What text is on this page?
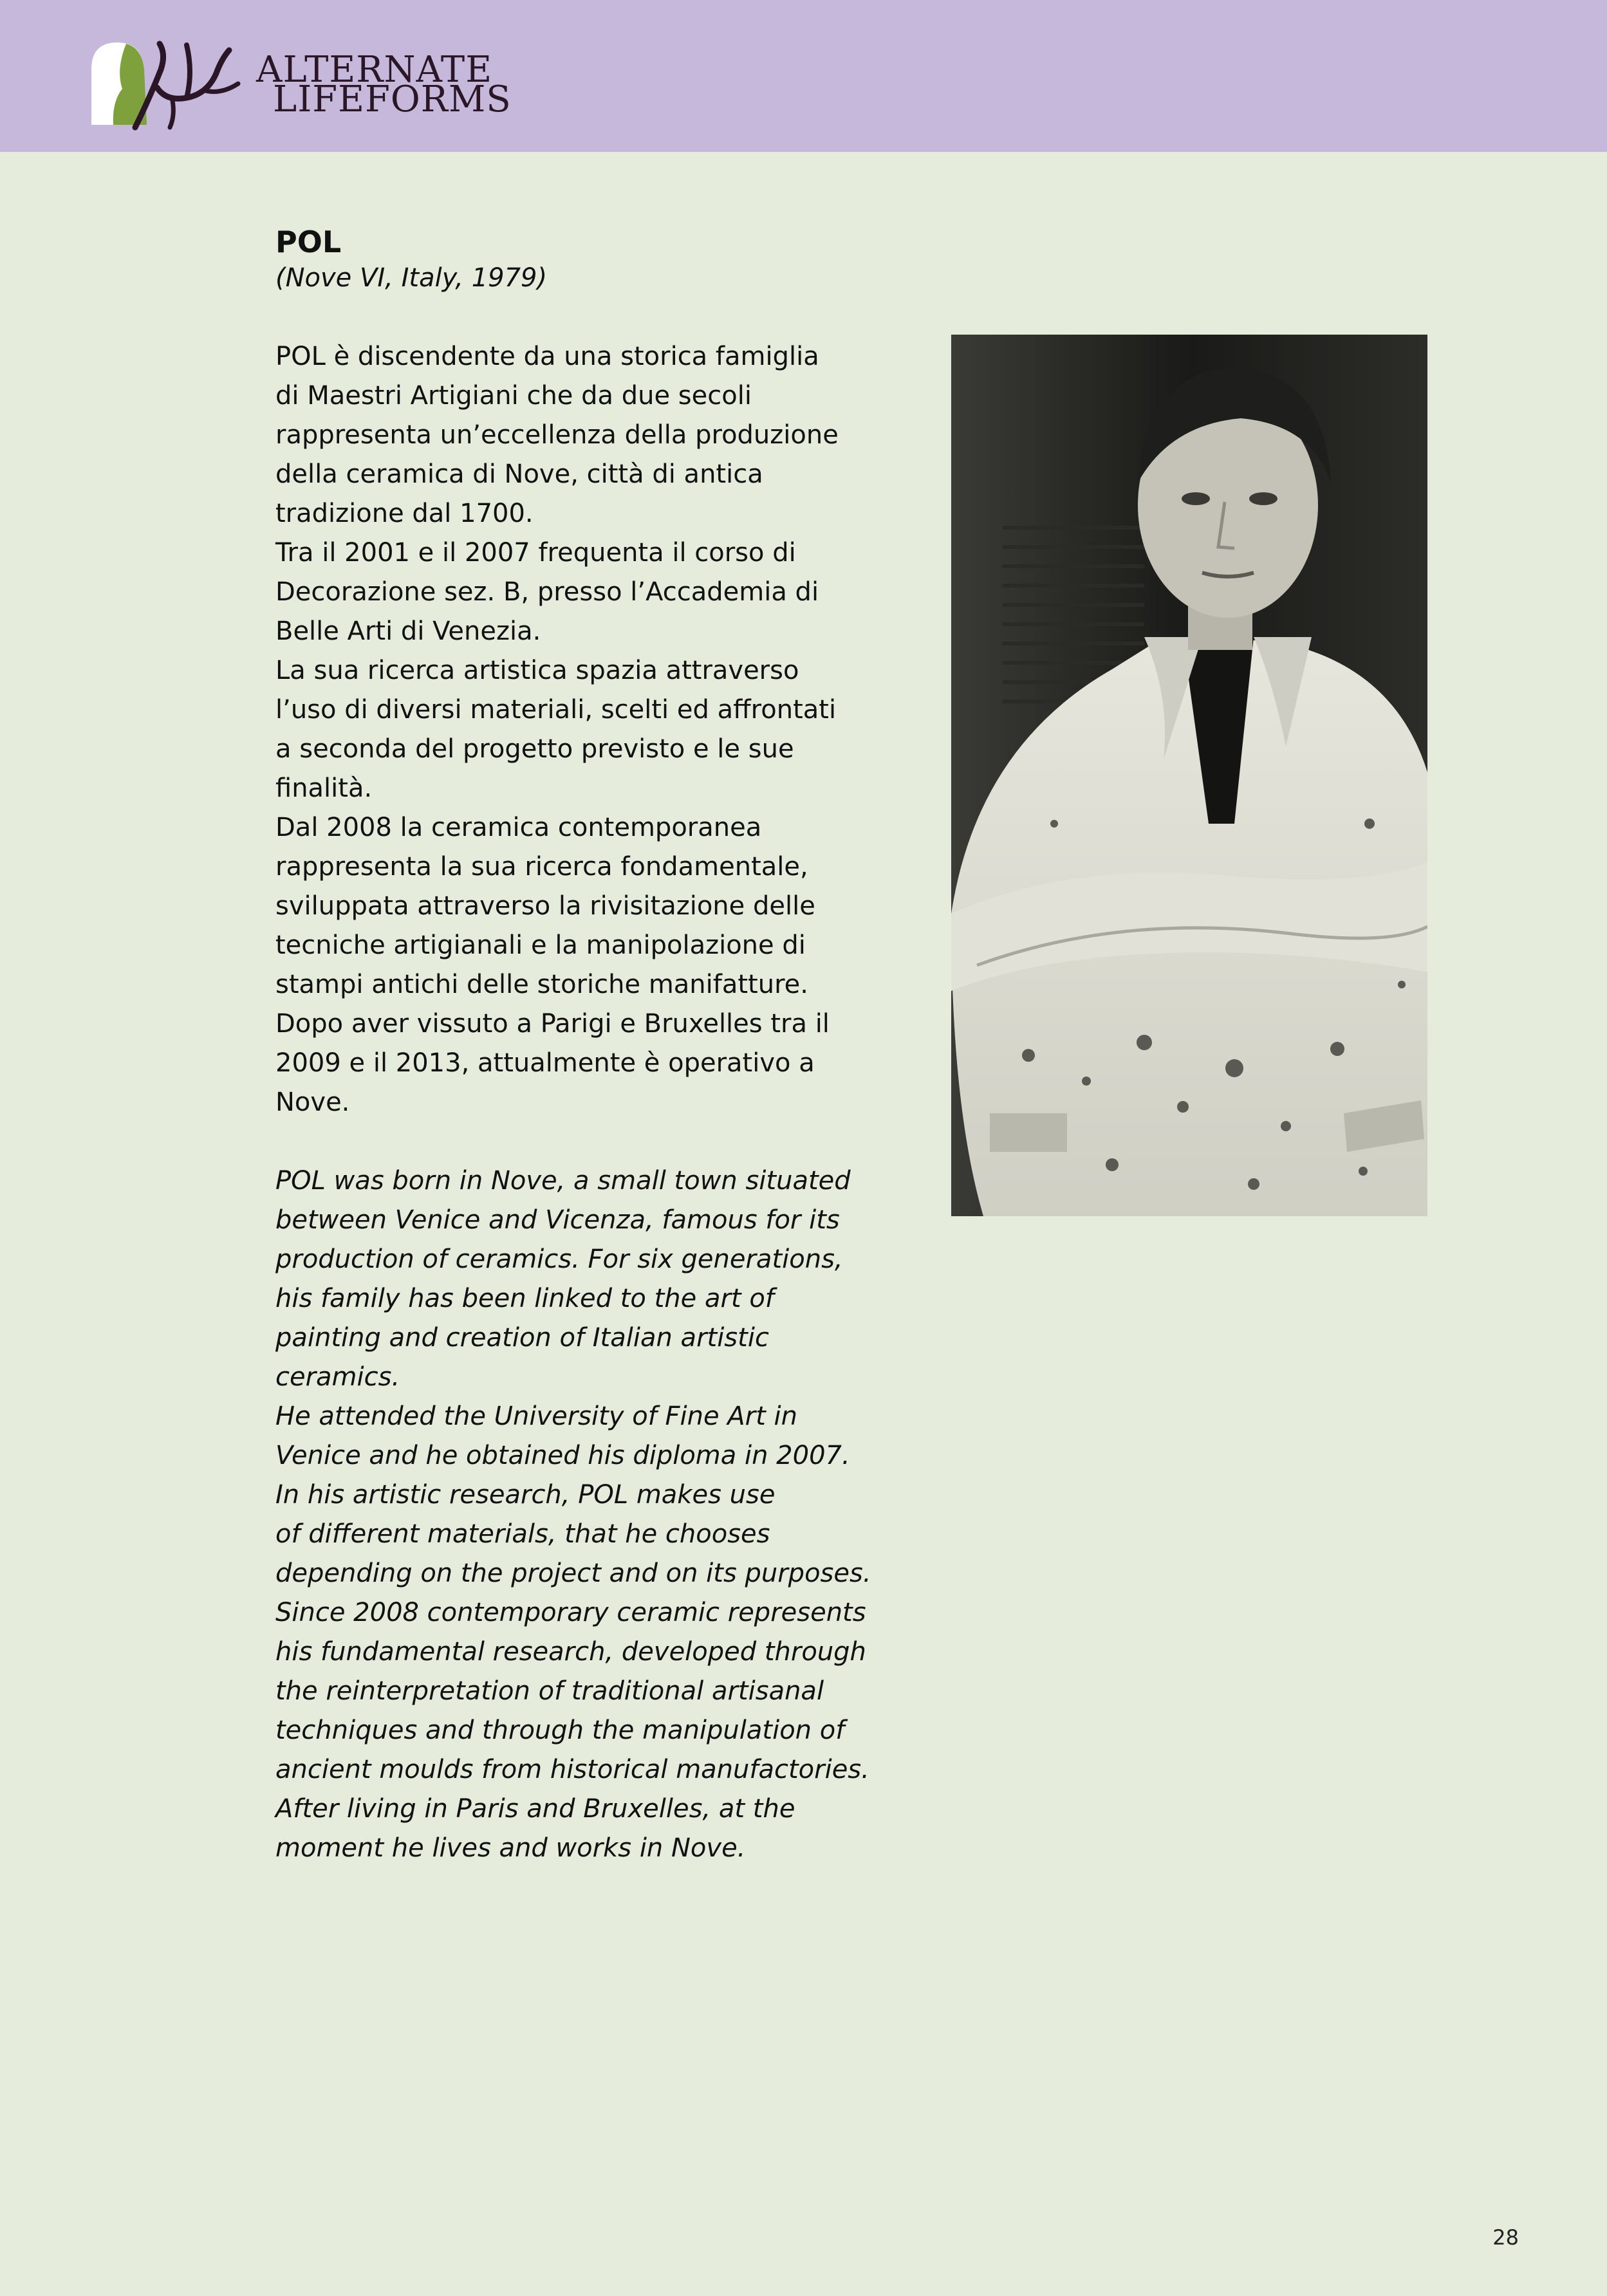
ALTERNATE
LIFEFORMS

POL

(Nove VI, Italy, 1979)

POL è discendente da una storica famiglia
di Maestri Artigiani che da due secoli
rappresenta un’eccellenza della produzione
della ceramica di Nove, città di antica
tradizione dal 1700.
Tra il 2001 e il 2007 frequenta il corso di
Decorazione sez. B, presso l’Accademia di
Belle Arti di Venezia.
La sua ricerca artistica spazia attraverso
l’uso di diversi materiali, scelti ed affrontati
a seconda del progetto previsto e le sue
finalità.
Dal 2008 la ceramica contemporanea
rappresenta la sua ricerca fondamentale,
sviluppata attraverso la rivisitazione delle
tecniche artigianali e la manipolazione di
stampi antichi delle storiche manifatture.
Dopo aver vissuto a Parigi e Bruxelles tra il
2009 e il 2013, attualmente è operativo a
Nove.

POL was born in Nove, a small town situated
between Venice and Vicenza, famous for its
production of ceramics. For six generations,
his family has been linked to the art of
painting and creation of Italian artistic
ceramics.
He attended the University of Fine Art in
Venice and he obtained his diploma in 2007.
In his artistic research, POL makes use
of different materials, that he chooses
depending on the project and on its purposes.
Since 2008 contemporary ceramic represents
his fundamental research, developed through
the reinterpretation of traditional artisanal
techniques and through the manipulation of
ancient moulds from historical manufactories.
After living in Paris and Bruxelles, at the
moment he lives and works in Nove.

28
